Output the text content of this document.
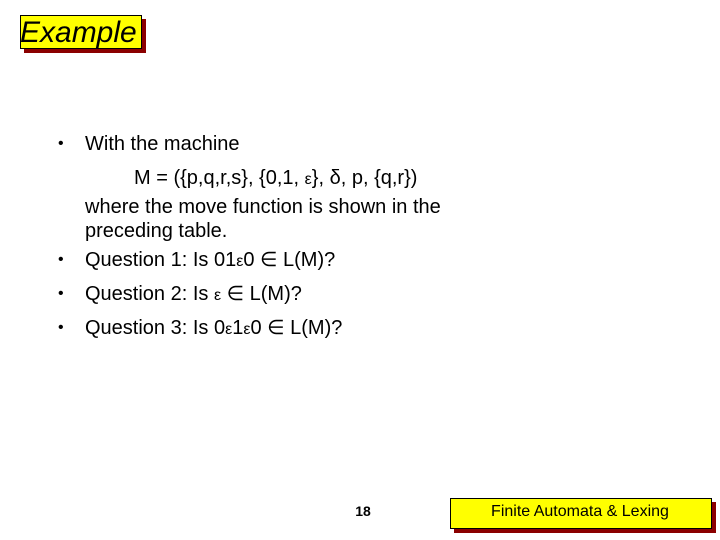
Example
•	With the machine
M = ({p,q,r,s}, {0,1, ε}, δ, p, {q,r})
where the move function is shown in the
preceding table.
•	Question 1: Is 01ε0 ∈ L(M)?
•	Question 2: Is ε ∈ L(M)?
•	Question 3: Is 0ε1ε0 ∈ L(M)?
18	Finite Automata & Lexing
